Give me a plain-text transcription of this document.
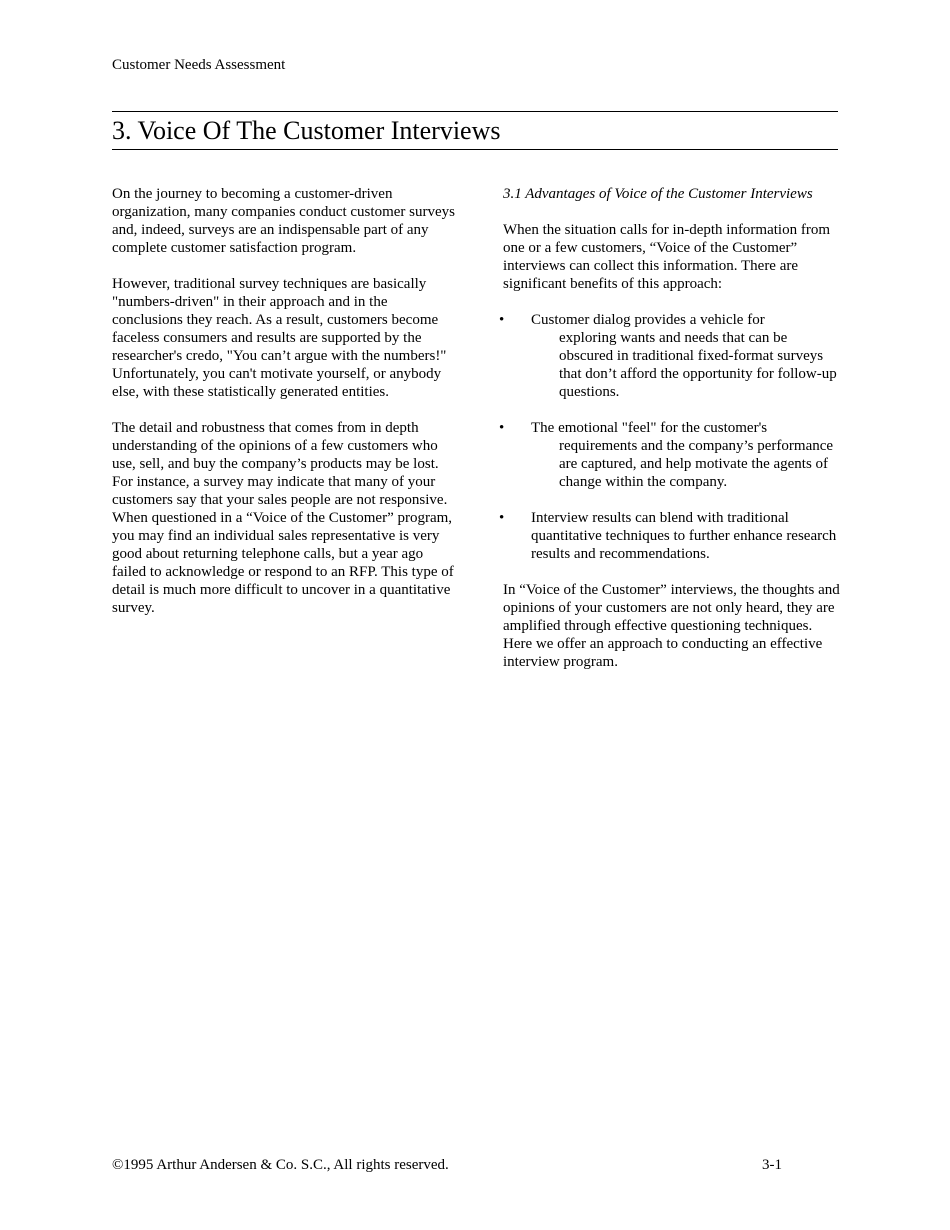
Customer Needs Assessment
3. Voice Of The Customer Interviews

On the journey to becoming a customer-driven organization, many companies conduct customer surveys and, indeed, surveys are an indispensable part of any complete customer satisfaction program.

However, traditional survey techniques are basically "numbers-driven" in their approach and in the conclusions they reach. As a result, customers become faceless consumers and results are supported by the researcher's credo, "You can’t argue with the numbers!" Unfortunately, you can't motivate yourself, or anybody else, with these statistically generated entities.

The detail and robustness that comes from in depth understanding of the opinions of a few customers who use, sell, and buy the company’s products may be lost. For instance, a survey may indicate that many of your customers say that your sales people are not responsive. When questioned in a “Voice of the Customer” program, you may find an individual sales representative is very good about returning telephone calls, but a year ago failed to acknowledge or respond to an RFP. This type of detail is much more difficult to uncover in a quantitative survey.

3.1 Advantages of Voice of the Customer Interviews

When the situation calls for in-depth information from one or a few customers, “Voice of the Customer” interviews can collect this information. There are significant benefits of this approach:

•	Customer dialog provides a vehicle for
exploring wants and needs that can be obscured in traditional fixed-format surveys that don’t afford the opportunity for follow-up questions.
•	The emotional "feel" for the customer's
requirements and the company’s performance are captured, and help motivate the agents of change within the company.
•	Interview results can blend with traditional
quantitative techniques to further enhance research results and recommendations.

In “Voice of the Customer” interviews, the thoughts and opinions of your customers are not only heard, they are amplified through effective questioning techniques. Here we offer an approach to conducting an effective interview program.

©1995 Arthur Andersen & Co. S.C., All rights reserved.	3-1
